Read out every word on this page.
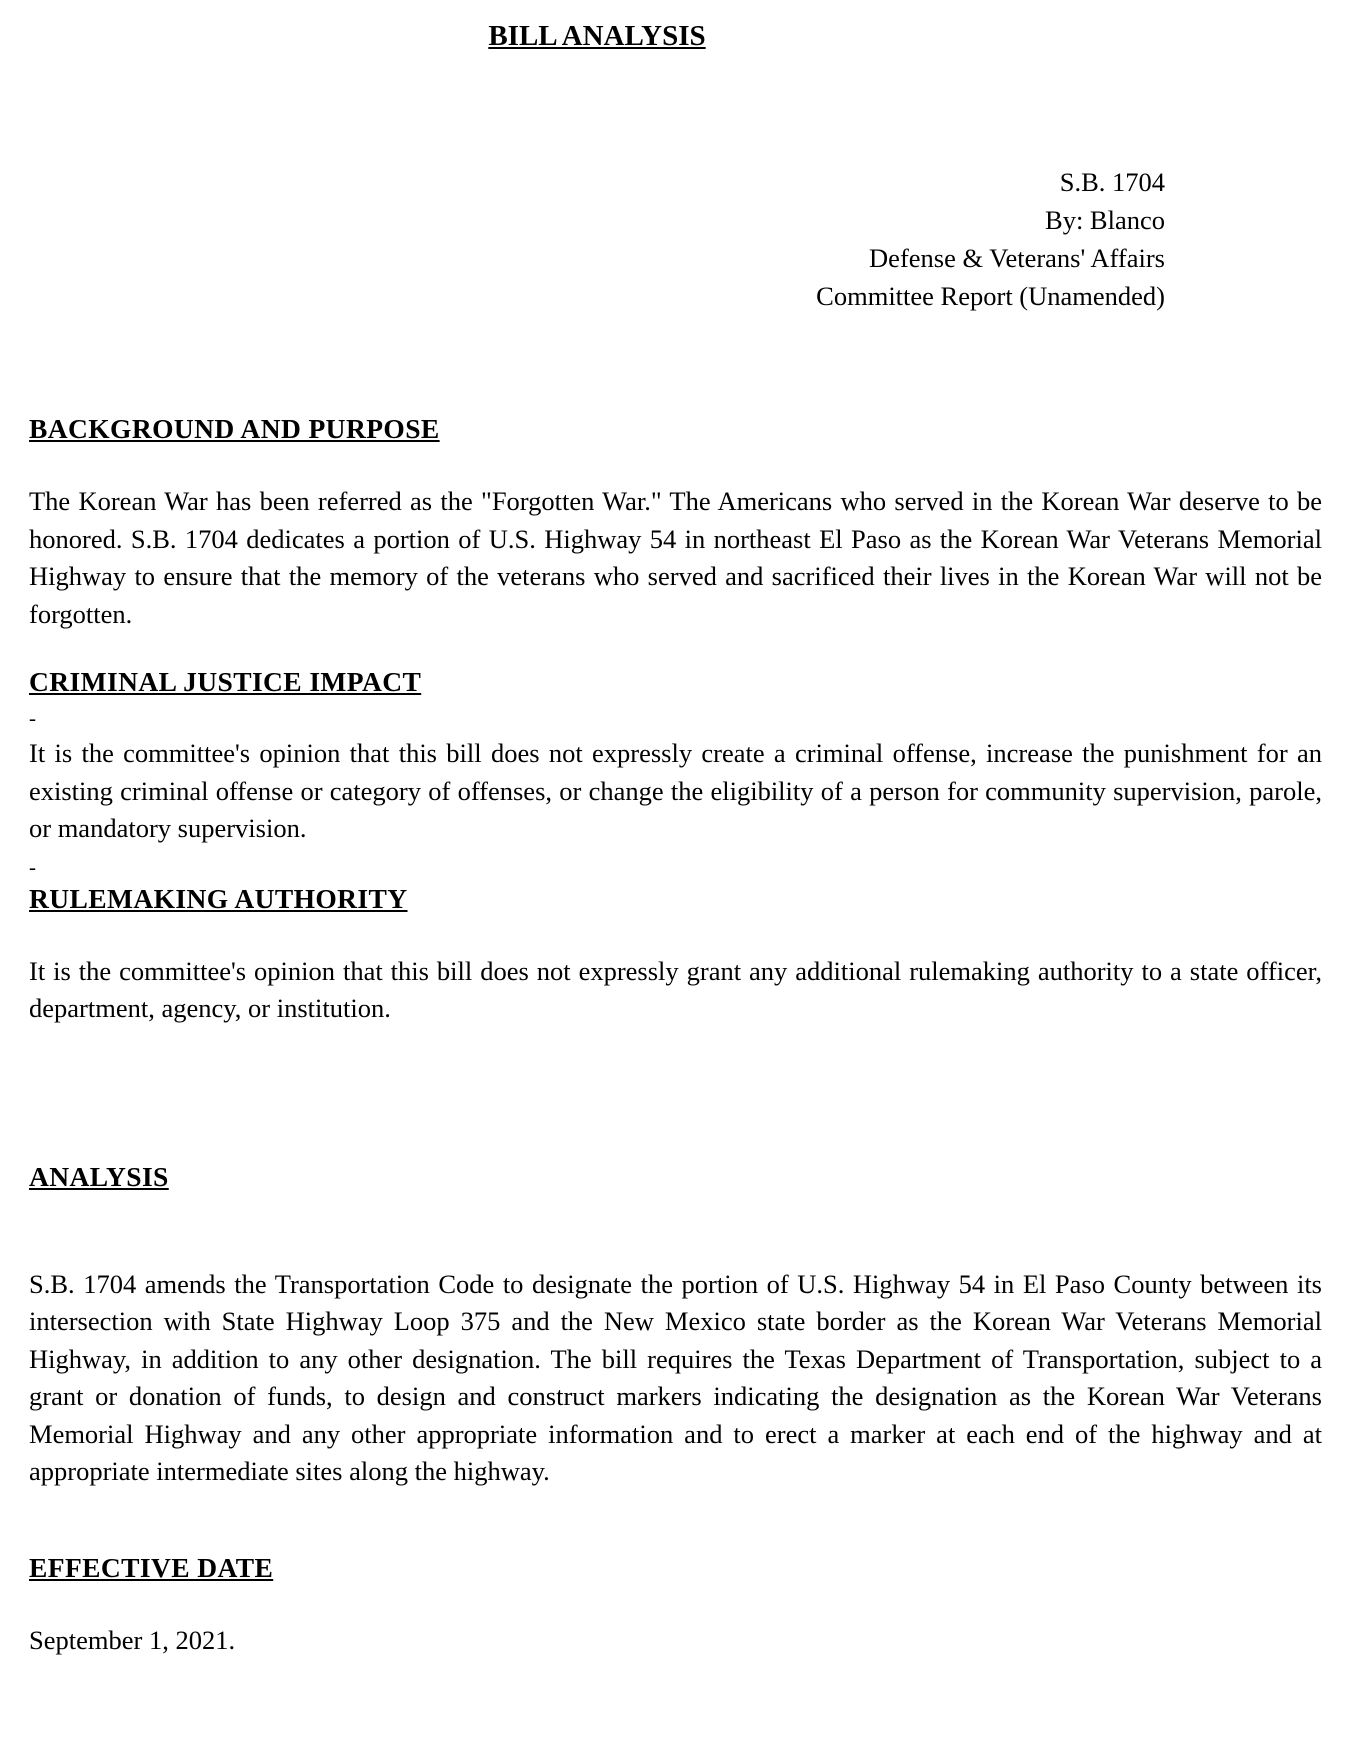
BILL ANALYSIS
S.B. 1704
By: Blanco
Defense & Veterans' Affairs
Committee Report (Unamended)
BACKGROUND AND PURPOSE

The Korean War has been referred as the "Forgotten War." The Americans who served in the Korean War deserve to be honored. S.B. 1704 dedicates a portion of U.S. Highway 54 in northeast El Paso as the Korean War Veterans Memorial Highway to ensure that the memory of the veterans who served and sacrificed their lives in the Korean War will not be forgotten.

CRIMINAL JUSTICE IMPACT
-

It is the committee's opinion that this bill does not expressly create a criminal offense, increase the punishment for an existing criminal offense or category of offenses, or change the eligibility of a person for community supervision, parole, or mandatory supervision.

-
RULEMAKING AUTHORITY

It is the committee's opinion that this bill does not expressly grant any additional rulemaking authority to a state officer, department, agency, or institution.

ANALYSIS

S.B. 1704 amends the Transportation Code to designate the portion of U.S. Highway 54 in El Paso County between its intersection with State Highway Loop 375 and the New Mexico state border as the Korean War Veterans Memorial Highway, in addition to any other designation. The bill requires the Texas Department of Transportation, subject to a grant or donation of funds, to design and construct markers indicating the designation as the Korean War Veterans Memorial Highway and any other appropriate information and to erect a marker at each end of the highway and at appropriate intermediate sites along the highway.

EFFECTIVE DATE

September 1, 2021.
